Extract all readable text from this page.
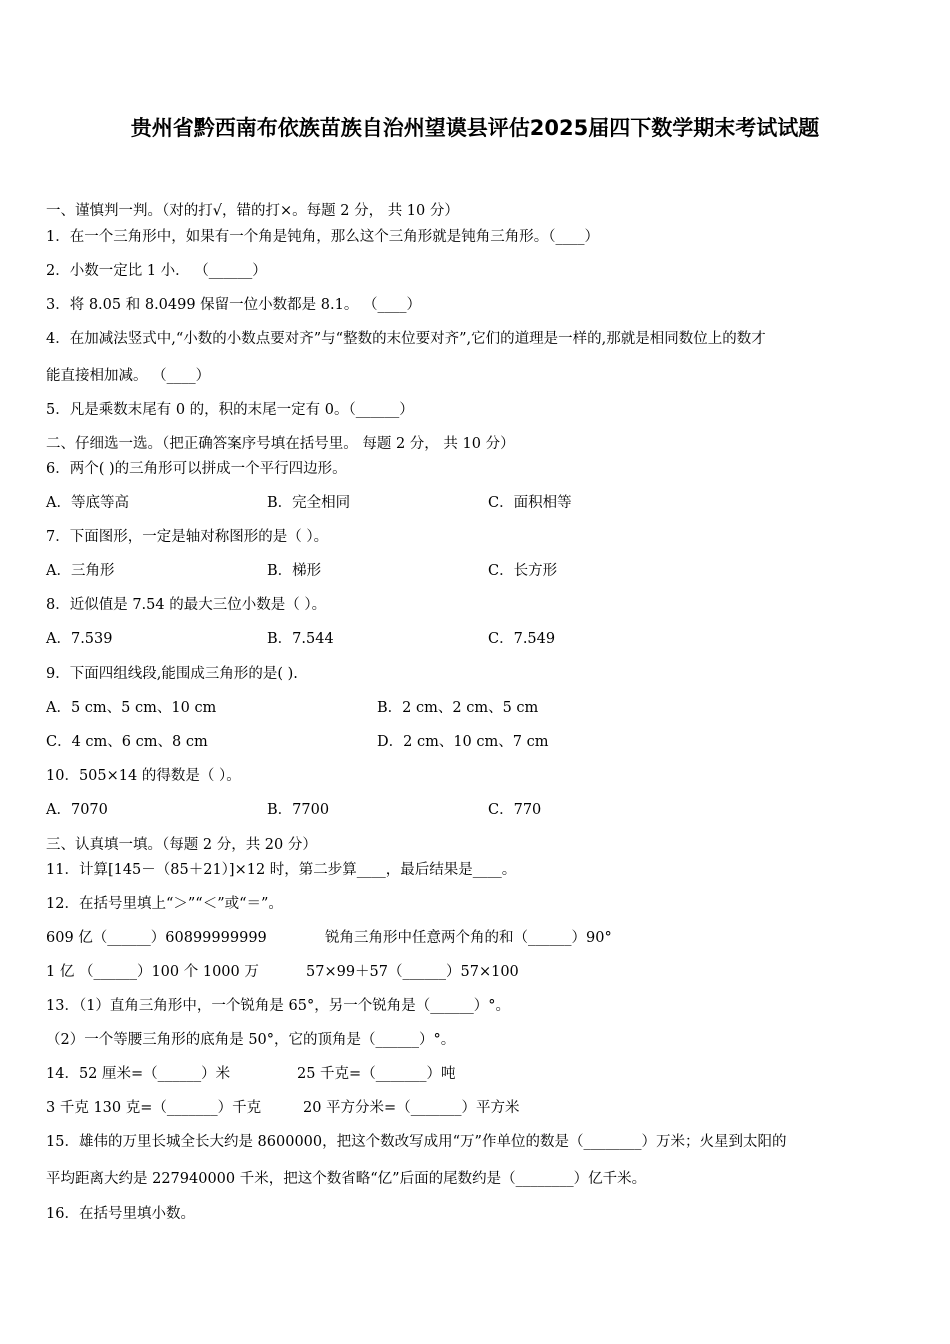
贵州省黔西南布依族苗族自治州望谟县评估2025届四下数学期末考试试题
一、谨慎判一判。（对的打√，错的打×。每题 2 分， 共 10 分）
1．在一个三角形中，如果有一个角是钝角，那么这个三角形就是钝角三角形。（____）
2．小数一定比 1 小． （______）
3．将 8.05 和 8.0499 保留一位小数都是 8.1。 （____）
4．在加减法竖式中,“小数的小数点要对齐”与“整数的末位要对齐”,它们的道理是一样的,那就是相同数位上的数才
能直接相加减。 （____）
5．凡是乘数末尾有 0 的，积的末尾一定有 0。（______）
二、仔细选一选。（把正确答案序号填在括号里。 每题 2 分， 共 10 分）
6．两个( )的三角形可以拼成一个平行四边形。
A．等底等高	B．完全相同	C．面积相等
7．下面图形，一定是轴对称图形的是（ ）。
A．三角形	B．梯形	C．长方形
8．近似值是 7.54 的最大三位小数是（ ）。
A．7.539	B．7.544	C．7.549
9．下面四组线段,能围成三角形的是( ).
A．5 cm、5 cm、10 cm	B．2 cm、2 cm、5 cm
C．4 cm、6 cm、8 cm	D．2 cm、10 cm、7 cm
10．505×14 的得数是（ ）。
A．7070	B．7700	C．770
三、认真填一填。（每题 2 分，共 20 分）
11．计算[145－（85＋21）]×12 时，第二步算____，最后结果是____。
12．在括号里填上“＞”“＜”或“＝”。
609 亿（______）60899999999	锐角三角形中任意两个角的和（______）90°
1 亿 （______）100 个 1000 万	57×99＋57（______）57×100
13．（1）直角三角形中，一个锐角是 65°，另一个锐角是（______）°。
（2）一个等腰三角形的底角是 50°，它的顶角是（______）°。
14．52 厘米=（______）米	25 千克=（_______）吨
3 千克 130 克=（_______）千克	20 平方分米=（_______）平方米
15．雄伟的万里长城全长大约是 8600000，把这个数改写成用“万”作单位的数是（________）万米；火星到太阳的
平均距离大约是 227940000 千米，把这个数省略“亿”后面的尾数约是（________）亿千米。
16．在括号里填小数。
